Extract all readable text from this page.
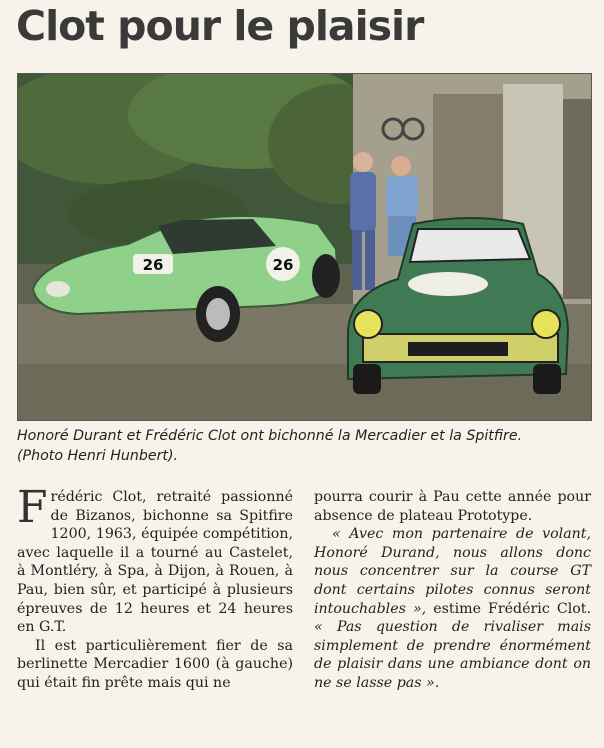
Clot pour le plaisir
26	26

Honoré Durant et Frédéric Clot ont bichonné la Mercadier et la Spitfire.
(Photo Henri Hunbert).

Frédéric Clot, retraité passionné de Bizanos, bichonne sa Spitfire 1200, 1963, équipée compétition, avec laquelle il a tourné au Castelet, à Montléry, à Spa, à Dijon, à Rouen, à Pau, bien sûr, et participé à plusieurs épreuves de 12 heures et 24 heures en G.T.

Il est particulièrement fier de sa berlinette Mercadier 1600 (à gauche) qui était fin prête mais qui ne

pourra courir à Pau cette année pour absence de plateau Prototype.

« Avec mon partenaire de volant, Honoré Durand, nous allons donc nous concentrer sur la course GT dont certains pilotes connus seront intouchables », estime Frédéric Clot. « Pas question de rivaliser mais simplement de prendre énormément de plaisir dans une ambiance dont on ne se lasse pas ».
